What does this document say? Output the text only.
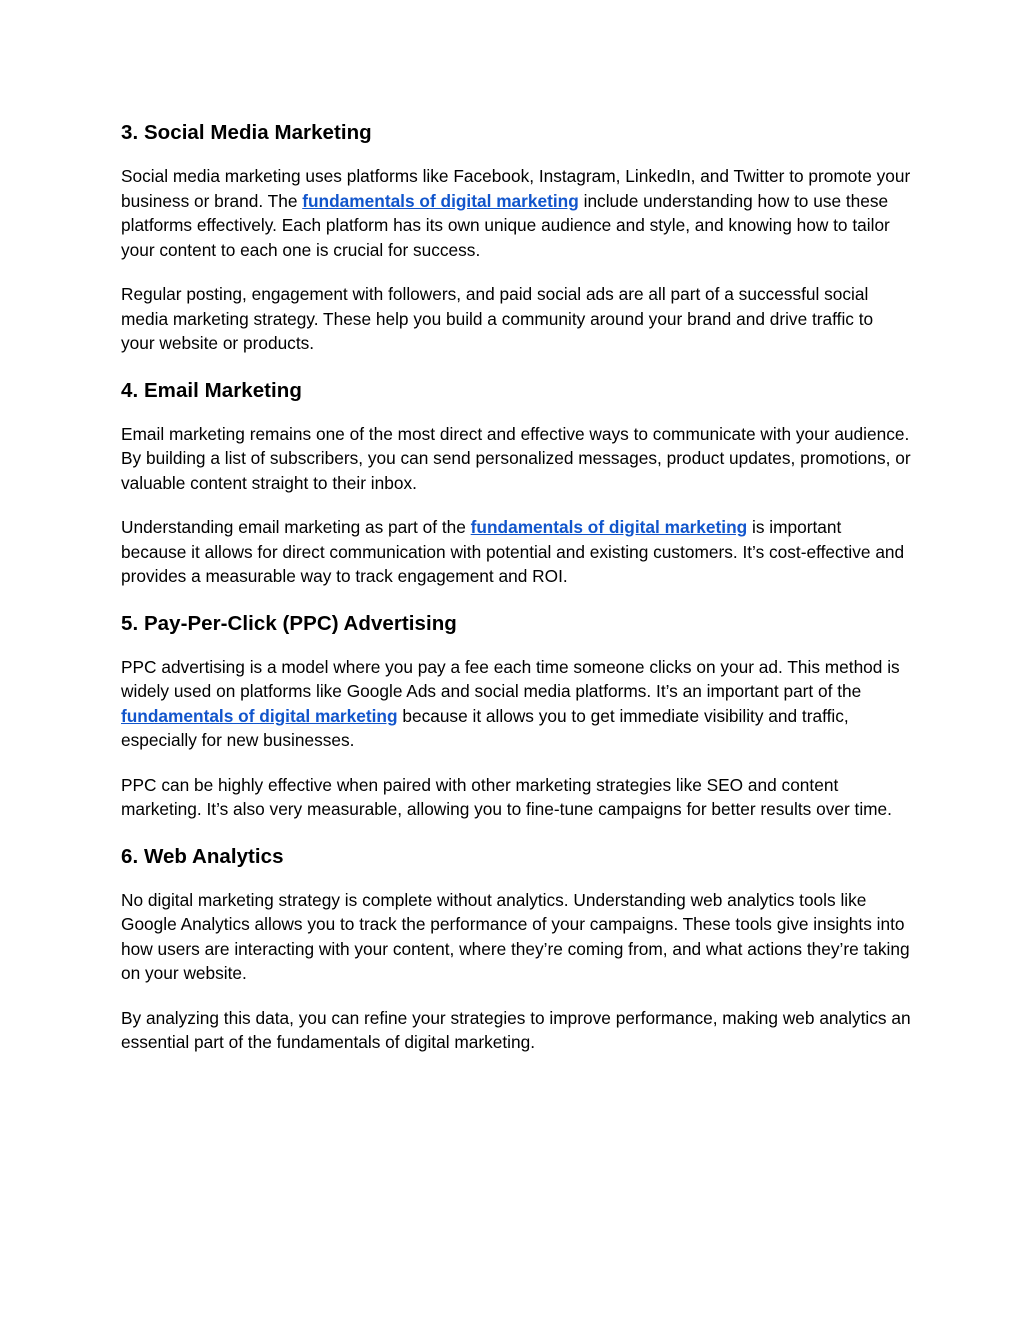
3. Social Media Marketing

Social media marketing uses platforms like Facebook, Instagram, LinkedIn, and Twitter to promote your business or brand. The fundamentals of digital marketing include understanding how to use these platforms effectively. Each platform has its own unique audience and style, and knowing how to tailor your content to each one is crucial for success.

Regular posting, engagement with followers, and paid social ads are all part of a successful social media marketing strategy. These help you build a community around your brand and drive traffic to your website or products.

4. Email Marketing

Email marketing remains one of the most direct and effective ways to communicate with your audience. By building a list of subscribers, you can send personalized messages, product updates, promotions, or valuable content straight to their inbox.

Understanding email marketing as part of the fundamentals of digital marketing is important because it allows for direct communication with potential and existing customers. It’s cost-effective and provides a measurable way to track engagement and ROI.

5. Pay-Per-Click (PPC) Advertising

PPC advertising is a model where you pay a fee each time someone clicks on your ad. This method is widely used on platforms like Google Ads and social media platforms. It’s an important part of the fundamentals of digital marketing because it allows you to get immediate visibility and traffic, especially for new businesses.

PPC can be highly effective when paired with other marketing strategies like SEO and content marketing. It’s also very measurable, allowing you to fine-tune campaigns for better results over time.

6. Web Analytics

No digital marketing strategy is complete without analytics. Understanding web analytics tools like Google Analytics allows you to track the performance of your campaigns. These tools give insights into how users are interacting with your content, where they’re coming from, and what actions they’re taking on your website.

By analyzing this data, you can refine your strategies to improve performance, making web analytics an essential part of the fundamentals of digital marketing.
